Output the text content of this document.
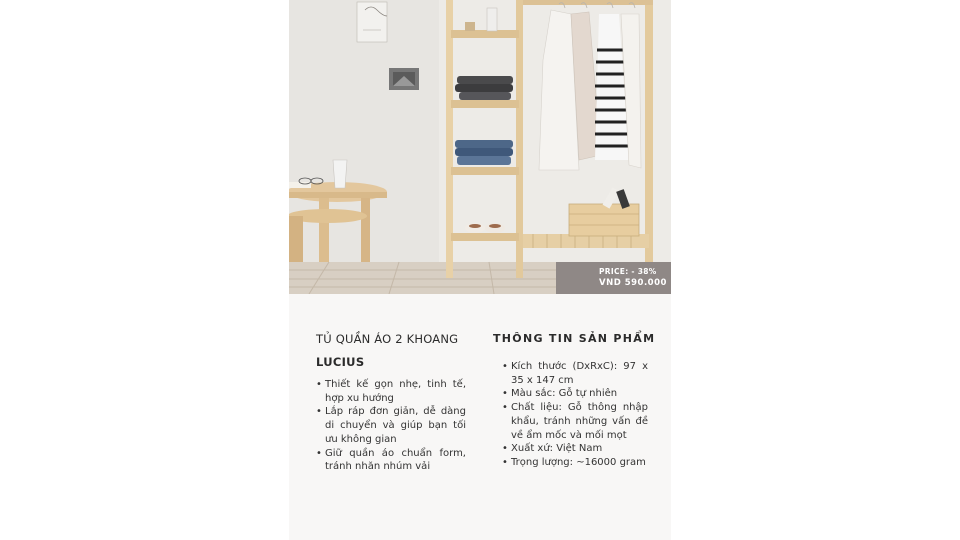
PRICE: - 38%
VND 590.000
TỦ QUẦN ÁO 2 KHOANG
LUCIUS
• Thiết kế gọn nhẹ, tinh tế, hợp xu hướng
• Lắp ráp đơn giản, dễ dàng di chuyển và giúp bạn tối ưu không gian
• Giữ quần áo chuẩn form, tránh nhăn nhúm vải
THÔNG TIN SẢN PHẨM
• Kích thước (DxRxC): 97 x 35 x 147 cm
• Màu sắc: Gỗ tự nhiên
• Chất liệu: Gỗ thông nhập khẩu, tránh những vấn đề về ẩm mốc và mối mọt
• Xuất xứ: Việt Nam
• Trọng lượng: ~16000 gram
